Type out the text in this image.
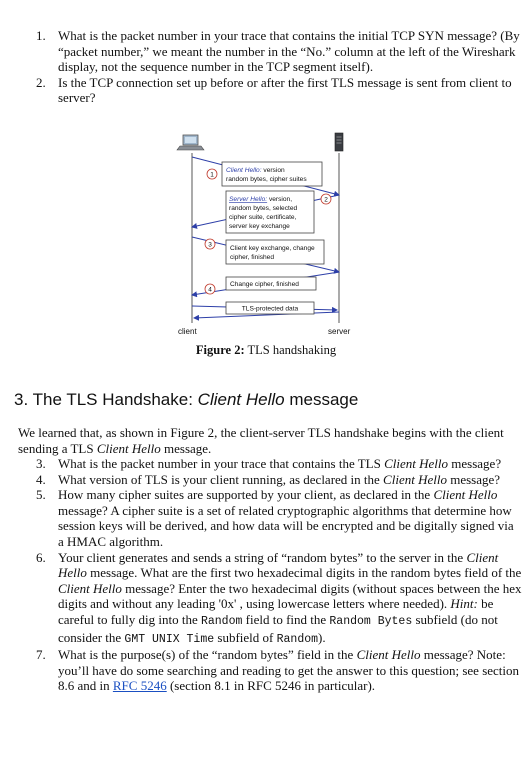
1. What is the packet number in your trace that contains the initial TCP SYN message? (By “packet number,” we meant the number in the “No.” column at the left of the Wireshark display, not the sequence number in the TCP segment itself).
2. Is the TCP connection set up before or after the first TLS message is sent from client to server?
Client Hello: version
random bytes, cipher suites
1
Server Hello: version,
random bytes, selected
cipher suite, certificate,
server key exchange
2
Client key exchange, change
cipher, finished
3
Change cipher, finished
4
TLS-protected data
client	server
Figure 2: TLS handshaking
3. The TLS Handshake: Client Hello message

We learned that, as shown in Figure 2, the client-server TLS handshake begins with the client sending a TLS Client Hello message.

3. What is the packet number in your trace that contains the TLS Client Hello message?
4. What version of TLS is your client running, as declared in the Client Hello message?
5. How many cipher suites are supported by your client, as declared in the Client Hello message? A cipher suite is a set of related cryptographic algorithms that determine how session keys will be derived, and how data will be encrypted and be digitally signed via a HMAC algorithm.
6. Your client generates and sends a string of “random bytes” to the server in the Client Hello message. What are the first two hexadecimal digits in the random bytes field of the Client Hello message? Enter the two hexadecimal digits (without spaces between the hex digits and without any leading '0x' , using lowercase letters where needed). Hint: be careful to fully dig into the Random field to find the Random Bytes subfield (do not consider the GMT UNIX Time subfield of Random).
7. What is the purpose(s) of the “random bytes” field in the Client Hello message? Note: you’ll have do some searching and reading to get the answer to this question; see section 8.6 and in RFC 5246 (section 8.1 in RFC 5246 in particular).
